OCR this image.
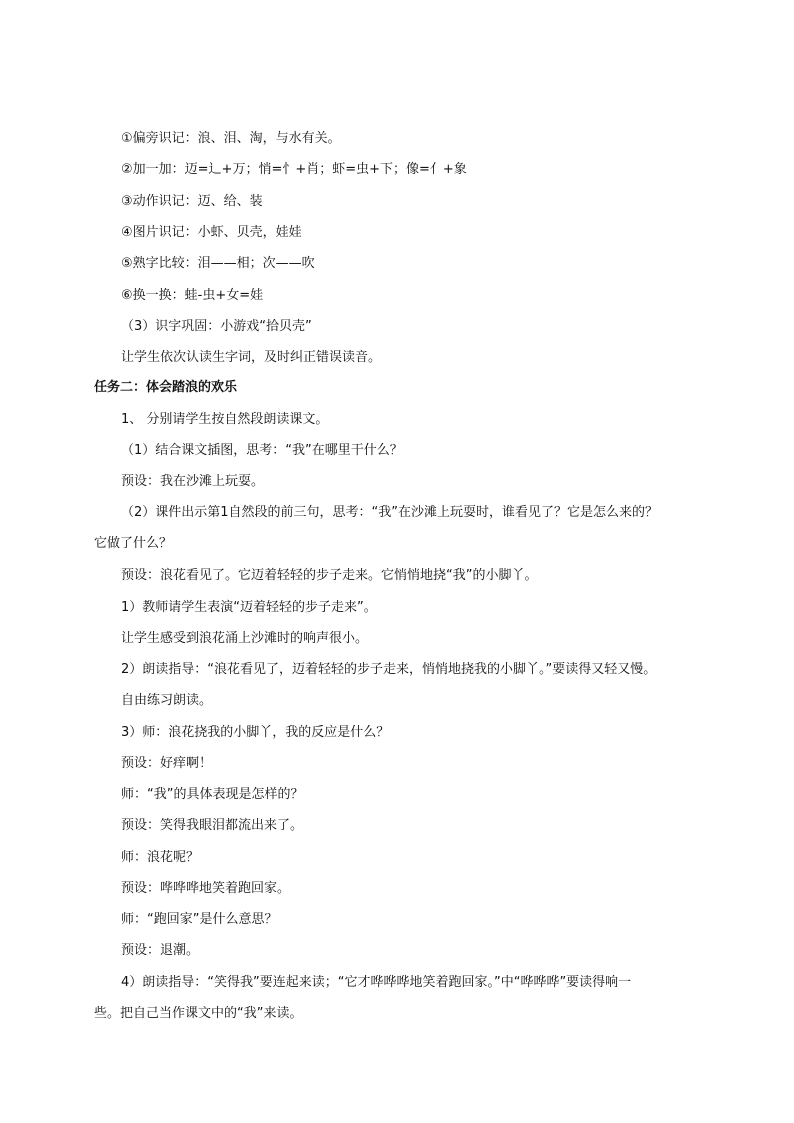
①偏旁识记：浪、泪、淘，与水有关。
②加一加：迈=辶+万；悄=忄+肖；虾=虫+下；像=亻+象
③动作识记：迈、给、装
④图片识记：小虾、贝壳，娃娃
⑤熟字比较：泪——相；次——吹
⑥换一换：蛙-虫+女=娃
（3）识字巩固：小游戏“拾贝壳”
让学生依次认读生字词，及时纠正错误读音。
任务二：体会踏浪的欢乐
1、 分别请学生按自然段朗读课文。
（1）结合课文插图，思考：“我”在哪里干什么？
预设：我在沙滩上玩耍。
（2）课件出示第1自然段的前三句，思考：“我”在沙滩上玩耍时，谁看见了？它是怎么来的？
它做了什么？
预设：浪花看见了。它迈着轻轻的步子走来。它悄悄地挠“我”的小脚丫。
1）教师请学生表演“迈着轻轻的步子走来”。
让学生感受到浪花涌上沙滩时的响声很小。
2）朗读指导：“浪花看见了，迈着轻轻的步子走来，悄悄地挠我的小脚丫。”要读得又轻又慢。
自由练习朗读。
3）师：浪花挠我的小脚丫，我的反应是什么？
预设：好痒啊！
师：“我”的具体表现是怎样的？
预设：笑得我眼泪都流出来了。
师：浪花呢？
预设：哗哗哗地笑着跑回家。
师：“跑回家”是什么意思？
预设：退潮。
4）朗读指导：“笑得我”要连起来读；“它才哗哗哗地笑着跑回家。”中“哗哗哗”要读得响一
些。把自己当作课文中的“我”来读。
